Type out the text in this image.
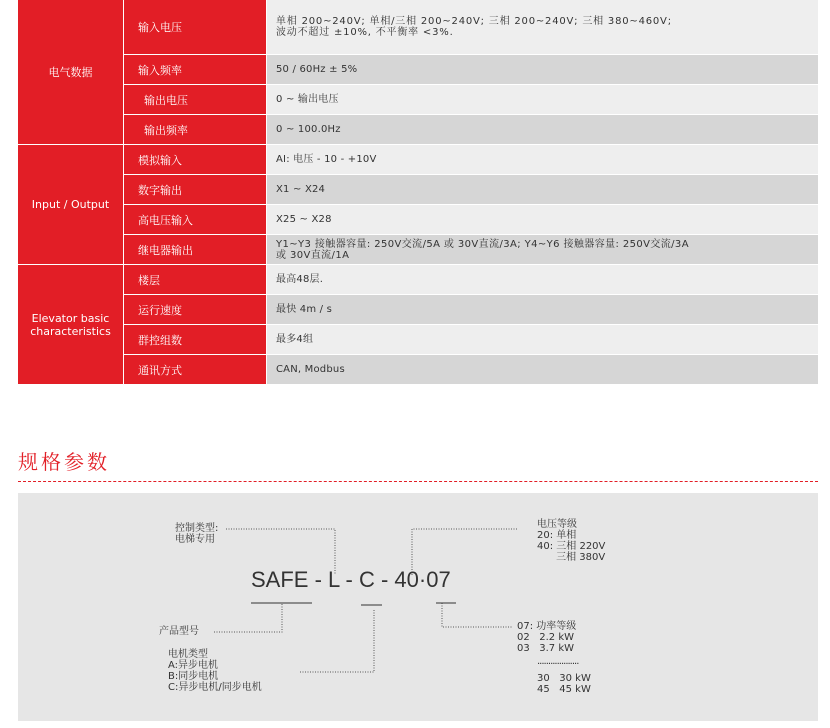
电气数据
输入电压	单相 200~240V; 单相/三相 200~240V; 三相 200~240V; 三相 380~460V;
波动不超过 ±10%, 不平衡率 <3%.
输入频率	50 / 60Hz ± 5%
输出电压	0 ~ 输出电压
输出频率	0 ~ 100.0Hz
Input / Output
模拟输入	AI: 电压 - 10 - +10V
数字输出	X1 ~ X24
高电压输入	X25 ~ X28
继电器输出	Y1~Y3 接触器容量: 250V交流/5A 或 30V直流/3A; Y4~Y6 接触器容量: 250V交流/3A
或 30V直流/1A
Elevator basic
characteristics
楼层	最高48层.
运行速度	最快 4m / s
群控组数	最多4组
通讯方式	CAN, Modbus
规格参数
SAFE - L - C - 40·07
控制类型:
电梯专用
产品型号
电机类型
A:异步电机
B:同步电机
C:异步电机/同步电机
电压等级
20: 单相
40: 三相 220V
三相 380V
07: 功率等级
02   2.2 kW
03   3.7 kW
...................
30   30 kW
45   45 kW
